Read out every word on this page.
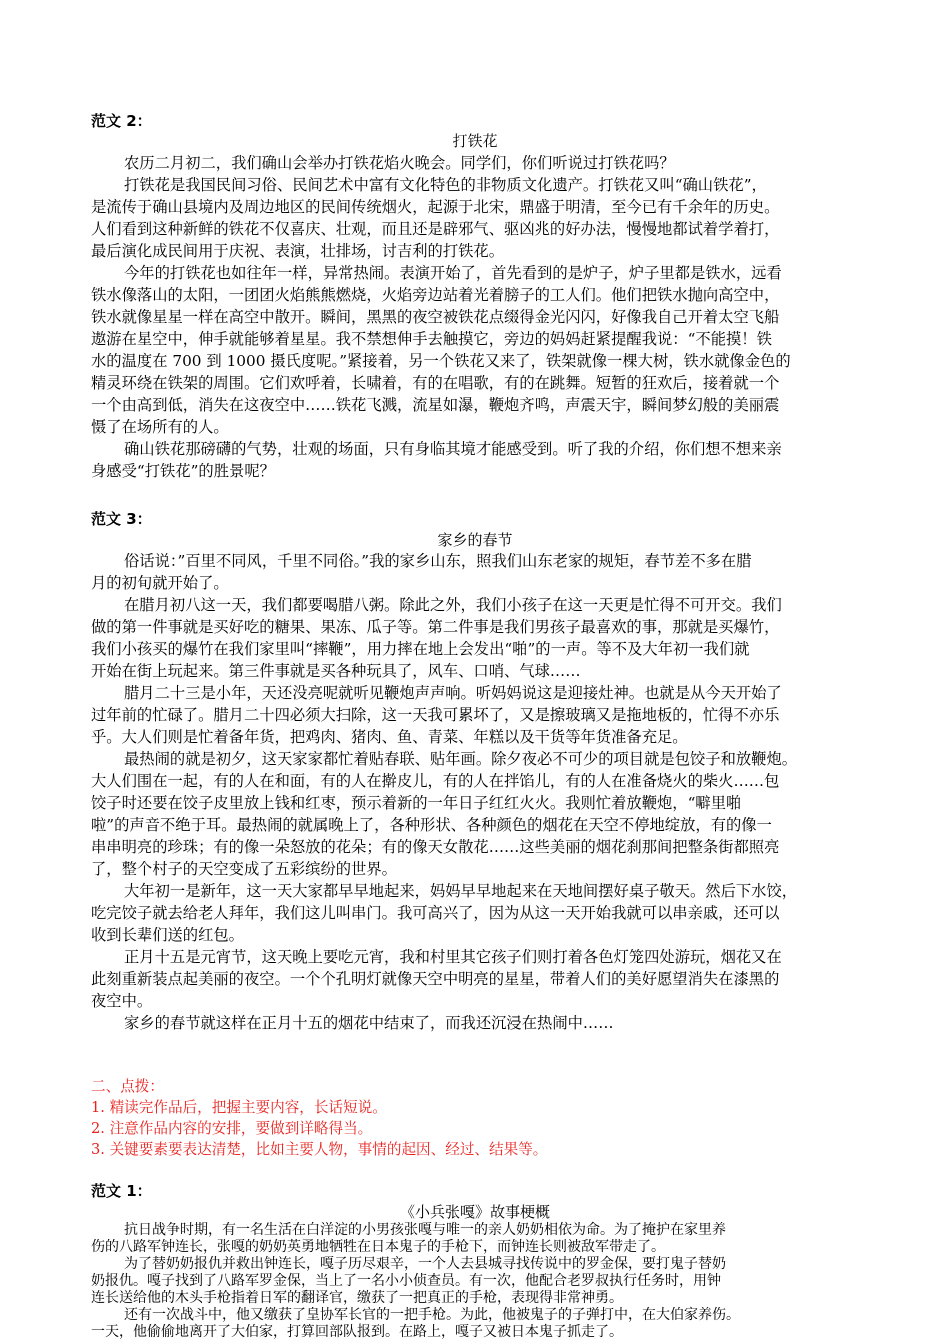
范文 2：
打铁花
农历二月初二，我们确山会举办打铁花焰火晚会。同学们，你们听说过打铁花吗？
打铁花是我国民间习俗、民间艺术中富有文化特色的非物质文化遗产。打铁花又叫“确山铁花”，
是流传于确山县境内及周边地区的民间传统烟火，起源于北宋，鼎盛于明清，至今已有千余年的历史。
人们看到这种新鲜的铁花不仅喜庆、壮观，而且还是辟邪气、驱凶兆的好办法，慢慢地都试着学着打，
最后演化成民间用于庆祝、表演，壮排场，讨吉利的打铁花。
今年的打铁花也如往年一样，异常热闹。表演开始了，首先看到的是炉子，炉子里都是铁水，远看
铁水像落山的太阳，一团团火焰熊熊燃烧，火焰旁边站着光着膀子的工人们。他们把铁水抛向高空中，
铁水就像星星一样在高空中散开。瞬间，黑黑的夜空被铁花点缀得金光闪闪，好像我自己开着太空飞船
遨游在星空中，伸手就能够着星星。我不禁想伸手去触摸它，旁边的妈妈赶紧提醒我说：“不能摸！铁
水的温度在 700 到 1000 摄氏度呢。”紧接着，另一个铁花又来了，铁架就像一棵大树，铁水就像金色的
精灵环绕在铁架的周围。它们欢呼着，长啸着，有的在唱歌，有的在跳舞。短暂的狂欢后，接着就一个
一个由高到低，消失在这夜空中……铁花飞溅，流星如瀑，鞭炮齐鸣，声震天宇，瞬间梦幻般的美丽震
慑了在场所有的人。
确山铁花那磅礴的气势，壮观的场面，只有身临其境才能感受到。听了我的介绍，你们想不想来亲
身感受“打铁花”的胜景呢？
范文 3：
家乡的春节
俗话说：”百里不同风，千里不同俗。”我的家乡山东，照我们山东老家的规矩，春节差不多在腊
月的初旬就开始了。
在腊月初八这一天，我们都要喝腊八粥。除此之外，我们小孩子在这一天更是忙得不可开交。我们
做的第一件事就是买好吃的糖果、果冻、瓜子等。第二件事是我们男孩子最喜欢的事，那就是买爆竹，
我们小孩买的爆竹在我们家里叫“摔鞭”，用力摔在地上会发出“啪”的一声。等不及大年初一我们就
开始在街上玩起来。第三件事就是买各种玩具了，风车、口哨、气球……
腊月二十三是小年，天还没亮呢就听见鞭炮声声响。听妈妈说这是迎接灶神。也就是从今天开始了
过年前的忙碌了。腊月二十四必须大扫除，这一天我可累坏了，又是擦玻璃又是拖地板的，忙得不亦乐
乎。大人们则是忙着备年货，把鸡肉、猪肉、鱼、青菜、年糕以及干货等年货准备充足。
最热闹的就是初夕，这天家家都忙着贴春联、贴年画。除夕夜必不可少的项目就是包饺子和放鞭炮。
大人们围在一起，有的人在和面，有的人在擀皮儿，有的人在拌馅儿，有的人在准备烧火的柴火……包
饺子时还要在饺子皮里放上钱和红枣，预示着新的一年日子红红火火。我则忙着放鞭炮，“噼里啪
啦”的声音不绝于耳。最热闹的就属晚上了，各种形状、各种颜色的烟花在天空不停地绽放，有的像一
串串明亮的珍珠；有的像一朵怒放的花朵；有的像天女散花……这些美丽的烟花刹那间把整条街都照亮
了，整个村子的天空变成了五彩缤纷的世界。
大年初一是新年，这一天大家都早早地起来，妈妈早早地起来在天地间摆好桌子敬天。然后下水饺，
吃完饺子就去给老人拜年，我们这儿叫串门。我可高兴了，因为从这一天开始我就可以串亲戚，还可以
收到长辈们送的红包。
正月十五是元宵节，这天晚上要吃元宵，我和村里其它孩子们则打着各色灯笼四处游玩，烟花又在
此刻重新装点起美丽的夜空。一个个孔明灯就像天空中明亮的星星，带着人们的美好愿望消失在漆黑的
夜空中。
家乡的春节就这样在正月十五的烟花中结束了，而我还沉浸在热闹中……
二、点拨：
1. 精读完作品后，把握主要内容，长话短说。
2. 注意作品内容的安排，要做到详略得当。
3. 关键要素要表达清楚，比如主要人物，事情的起因、经过、结果等。
范文 1：
《小兵张嘎》故事梗概
抗日战争时期，有一名生活在白洋淀的小男孩张嘎与唯一的亲人奶奶相依为命。为了掩护在家里养
伤的八路军钟连长，张嘎的奶奶英勇地牺牲在日本鬼子的手枪下，而钟连长则被敌军带走了。
为了替奶奶报仇并救出钟连长，嘎子历尽艰辛，一个人去县城寻找传说中的罗金保，要打鬼子替奶
奶报仇。嘎子找到了八路军罗金保，当上了一名小小侦查员。有一次，他配合老罗叔执行任务时，用钟
连长送给他的木头手枪指着日军的翻译官，缴获了一把真正的手枪，表现得非常神勇。
还有一次战斗中，他又缴获了皇协军长官的一把手枪。为此，他被鬼子的子弹打中，在大伯家养伤。
一天，他偷偷地离开了大伯家，打算回部队报到。在路上，嘎子又被日本鬼子抓走了。
